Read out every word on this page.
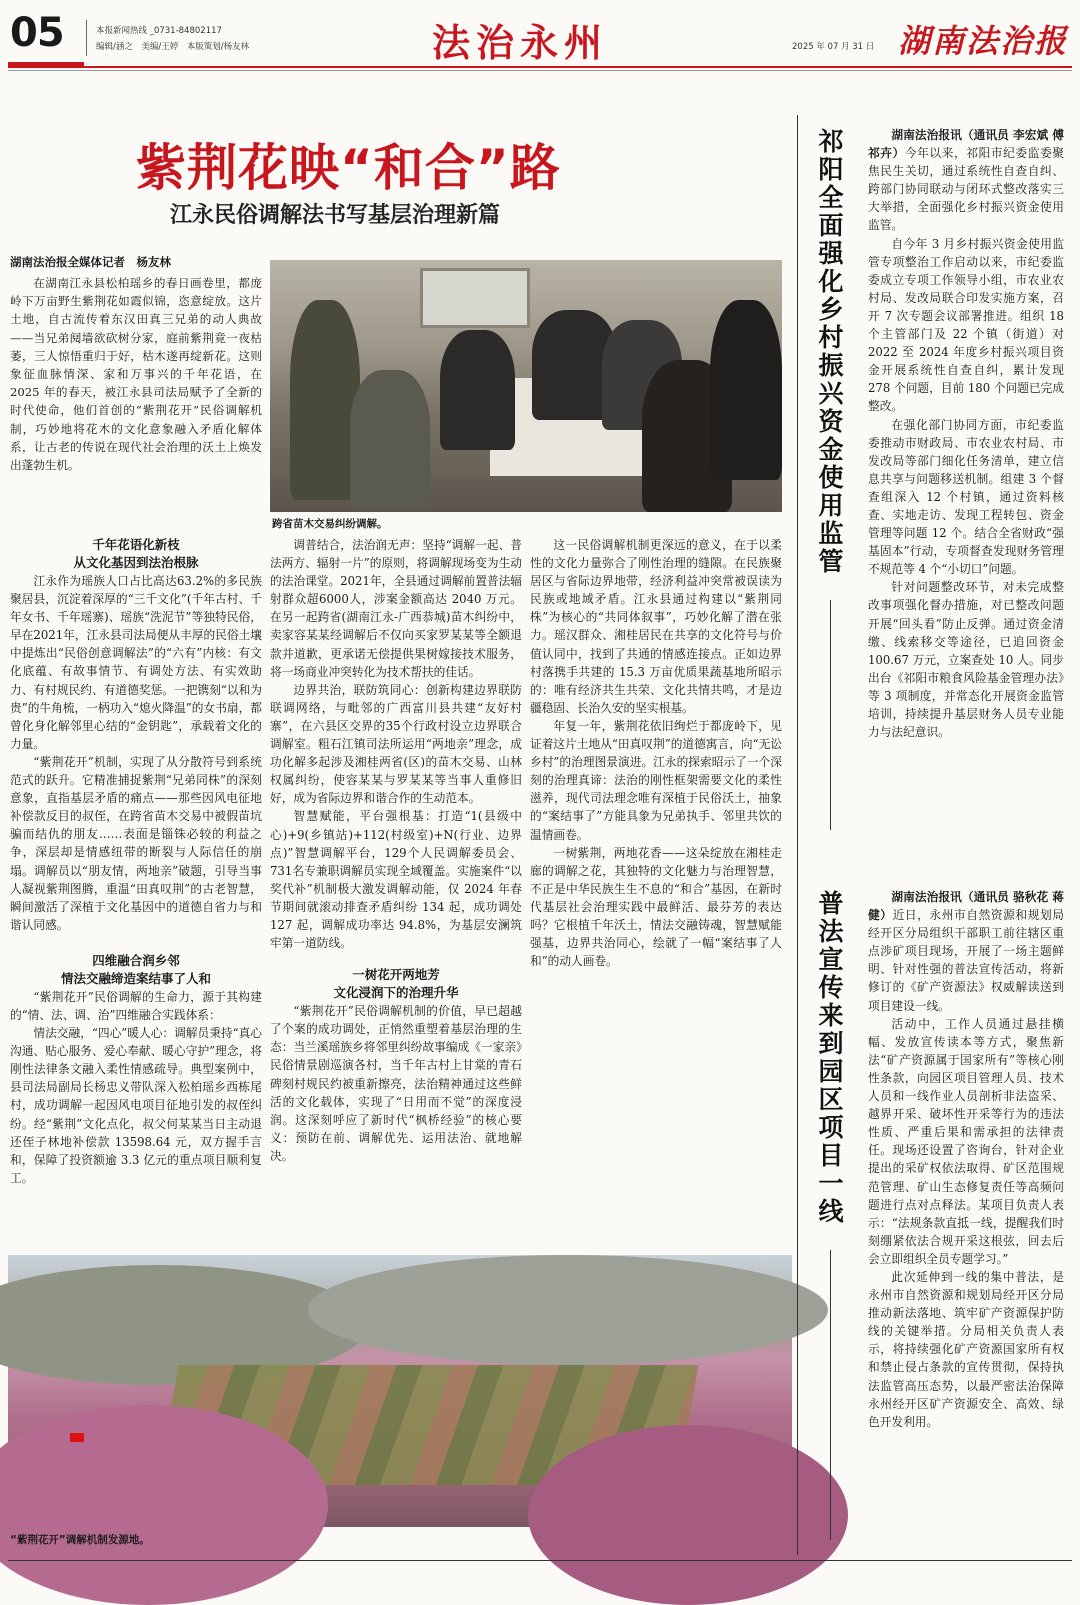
05	本报新闻热线 _0731-84802117
编辑/涵之　美编/王婷　本版策划/杨友林	法治永州	2025 年 07 月 31 日 湖南法治报
紫荆花映“和合”路
江永民俗调解法书写基层治理新篇
湖南法治报全媒体记者　杨友林
在湖南江永县松柏瑶乡的春日画卷里，都庞岭下万亩野生紫荆花如霞似锦，恣意绽放。这片土地，自古流传着东汉田真三兄弟的动人典故——当兄弟阋墙欲砍树分家，庭前紫荆竟一夜枯萎，三人惊悟重归于好，枯木遂再绽新花。这则象征血脉情深、家和万事兴的千年花语，在 2025 年的春天，被江永县司法局赋予了全新的时代使命，他们首创的“紫荆花开”民俗调解机制，巧妙地将花木的文化意象融入矛盾化解体系，让古老的传说在现代社会治理的沃土上焕发出蓬勃生机。
跨省苗木交易纠纷调解。
千年花语化新枝
从文化基因到法治根脉

江永作为瑶族人口占比高达63.2%的多民族聚居县，沉淀着深厚的“三千文化”(千年古村、千年女书、千年瑶寨)、瑶族“洗泥节”等独特民俗，早在2021年，江永县司法局便从丰厚的民俗土壤中提炼出“民俗创意调解法”的“六有”内核：有文化底蕴、有故事情节、有调处方法、有实效助力、有村规民约、有道德奖惩。一把镌刻“以和为贵”的牛角梳，一柄功入“熄火降温”的女书扇，都曾化身化解邻里心结的“金钥匙”，承载着文化的力量。

“紫荆花开”机制，实现了从分散符号到系统范式的跃升。它精准捕捉紫荆“兄弟同株”的深刻意象，直指基层矛盾的痛点——那些因风电征地补偿款反目的叔侄，在跨省苗木交易中被假苗坑骗而结仇的朋友……表面是锱铢必较的利益之争，深层却是情感纽带的断裂与人际信任的崩塌。调解员以“朋友情，两地亲”破题，引导当事人凝视紫荆图腾，重温“田真叹荆”的古老智慧，瞬间激活了深植于文化基因中的道德自省力与和谐认同感。

四维融合润乡邻
情法交融缔造案结事了人和

“紫荆花开”民俗调解的生命力，源于其构建的“情、法、调、治”四维融合实践体系：

情法交融，“四心”暖人心：调解员秉持“真心沟通、贴心服务、爱心奉献、暖心守护”理念，将刚性法律条文融入柔性情感疏导。典型案例中，县司法局副局长杨忠义带队深入松柏瑶乡西栋尾村，成功调解一起因风电项目征地引发的叔侄纠纷。经“紫荆”文化点化，叔父何某某当日主动退还侄子林地补偿款 13598.64 元，双方握手言和，保障了投资额逾 3.3 亿元的重点项目顺利复工。

调普结合，法治润无声：坚持“调解一起、普法两方、辐射一片”的原则，将调解现场变为生动的法治课堂。2021年，全县通过调解前置普法辐射群众超6000人，涉案金额高达 2040 万元。在另一起跨省(湖南江永-广西恭城)苗木纠纷中，卖家容某某经调解后不仅向买家罗某某等全额退款并道歉，更承诺无偿提供果树嫁接技术服务，将一场商业冲突转化为技术帮扶的佳话。

边界共治，联防筑同心：创新构建边界联防联调网络，与毗邻的广西富川县共建“友好村寨”，在六县区交界的35个行政村设立边界联合调解室。粗石江镇司法所运用“两地亲”理念，成功化解多起涉及湘桂两省(区)的苗木交易、山林权属纠纷，使容某某与罗某某等当事人重修旧好，成为省际边界和谐合作的生动范本。

智慧赋能，平台强根基：打造“1(县级中心)+9(乡镇站)+112(村级室)+N(行业、边界点)”智慧调解平台，129个人民调解委员会、731名专兼职调解员实现全域覆盖。实施案件“以奖代补”机制极大激发调解动能，仅 2024 年春节期间就滚动排查矛盾纠纷 134 起，成功调处 127 起，调解成功率达 94.8%，为基层安澜筑牢第一道防线。

一树花开两地芳
文化浸润下的治理升华

“紫荆花开”民俗调解机制的价值，早已超越了个案的成功调处，正悄然重塑着基层治理的生态：当兰溪瑶族乡将邻里纠纷故事编成《一家亲》民俗情景剧巡演各村，当千年古村上甘棠的青石碑刻村规民约被重新擦亮，法治精神通过这些鲜活的文化载体，实现了“日用而不觉”的深度浸润。这深刻呼应了新时代“枫桥经验”的核心要义：预防在前、调解优先、运用法治、就地解决。

这一民俗调解机制更深远的意义，在于以柔性的文化力量弥合了刚性治理的缝隙。在民族聚居区与省际边界地带，经济利益冲突常被误读为民族或地域矛盾。江永县通过构建以“紫荆同株”为核心的“共同体叙事”，巧妙化解了潜在张力。瑶汉群众、湘桂居民在共享的文化符号与价值认同中，找到了共通的情感连接点。正如边界村落携手共建的 15.3 万亩优质果蔬基地所昭示的：唯有经济共生共荣、文化共情共鸣，才是边疆稳固、长治久安的坚实根基。

年复一年，紫荆花依旧绚烂于都庞岭下，见证着这片土地从“田真叹荆”的道德寓言，向“无讼乡村”的治理图景演进。江永的探索昭示了一个深刻的治理真谛：法治的刚性框架需要文化的柔性滋养，现代司法理念唯有深植于民俗沃土，抽象的“案结事了”方能具象为兄弟执手、邻里共饮的温情画卷。

一树紫荆，两地花香——这朵绽放在湘桂走廊的调解之花，其独特的文化魅力与治理智慧，不正是中华民族生生不息的“和合”基因，在新时代基层社会治理实践中最鲜活、最芬芳的表达吗？它根植千年沃土，情法交融铸魂，智慧赋能强基，边界共治同心，绘就了一幅“案结事了人和”的动人画卷。

“紫荆花开”调解机制发源地。
祁阳全面强化乡村振兴资金使用监管	湖南法治报讯（通讯员 李宏斌 傅祁卉）今年以来，祁阳市纪委监委聚焦民生关切，通过系统性自查自纠、跨部门协同联动与闭环式整改落实三大举措，全面强化乡村振兴资金使用监管。

自今年 3 月乡村振兴资金使用监管专项整治工作启动以来，市纪委监委成立专项工作领导小组，市农业农村局、发改局联合印发实施方案，召开 7 次专题会议部署推进。组织 18 个主管部门及 22 个镇（街道）对 2022 至 2024 年度乡村振兴项目资金开展系统性自查自纠，累计发现 278 个问题，目前 180 个问题已完成整改。

在强化部门协同方面，市纪委监委推动市财政局、市农业农村局、市发改局等部门细化任务清单，建立信息共享与问题移送机制。组建 3 个督查组深入 12 个村镇，通过资料核查、实地走访、发现工程转包、资金管理等问题 12 个。结合全省财政“强基固本”行动，专项督查发现财务管理不规范等 4 个“小切口”问题。

针对问题整改环节，对未完成整改事项强化督办措施，对已整改问题开展“回头看”防止反弹。通过资金清缴、线索移交等途径，已追回资金 100.67 万元，立案查处 10 人。同步出台《祁阳市粮食风险基金管理办法》等 3 项制度，并常态化开展资金监管培训，持续提升基层财务人员专业能力与法纪意识。

普法宣传来到园区项目一线	湖南法治报讯（通讯员 骆秋花 蒋健）近日，永州市自然资源和规划局经开区分局组织干部职工前往辖区重点涉矿项目现场，开展了一场主题鲜明、针对性强的普法宣传活动，将新修订的《矿产资源法》权威解读送到项目建设一线。

活动中，工作人员通过悬挂横幅、发放宣传读本等方式，聚焦新法“矿产资源属于国家所有”等核心刚性条款，向园区项目管理人员、技术人员和一线作业人员剖析非法盗采、越界开采、破坏性开采等行为的违法性质、严重后果和需承担的法律责任。现场还设置了咨询台，针对企业提出的采矿权依法取得、矿区范围规范管理、矿山生态修复责任等高频问题进行点对点释法。某项目负责人表示：“法规条款直抵一线，提醒我们时刻绷紧依法合规开采这根弦，回去后会立即组织全员专题学习。”

此次延伸到一线的集中普法，是永州市自然资源和规划局经开区分局推动新法落地、筑牢矿产资源保护防线的关键举措。分局相关负责人表示，将持续强化矿产资源国家所有权和禁止侵占条款的宣传贯彻，保持执法监管高压态势，以最严密法治保障永州经开区矿产资源安全、高效、绿色开发利用。
